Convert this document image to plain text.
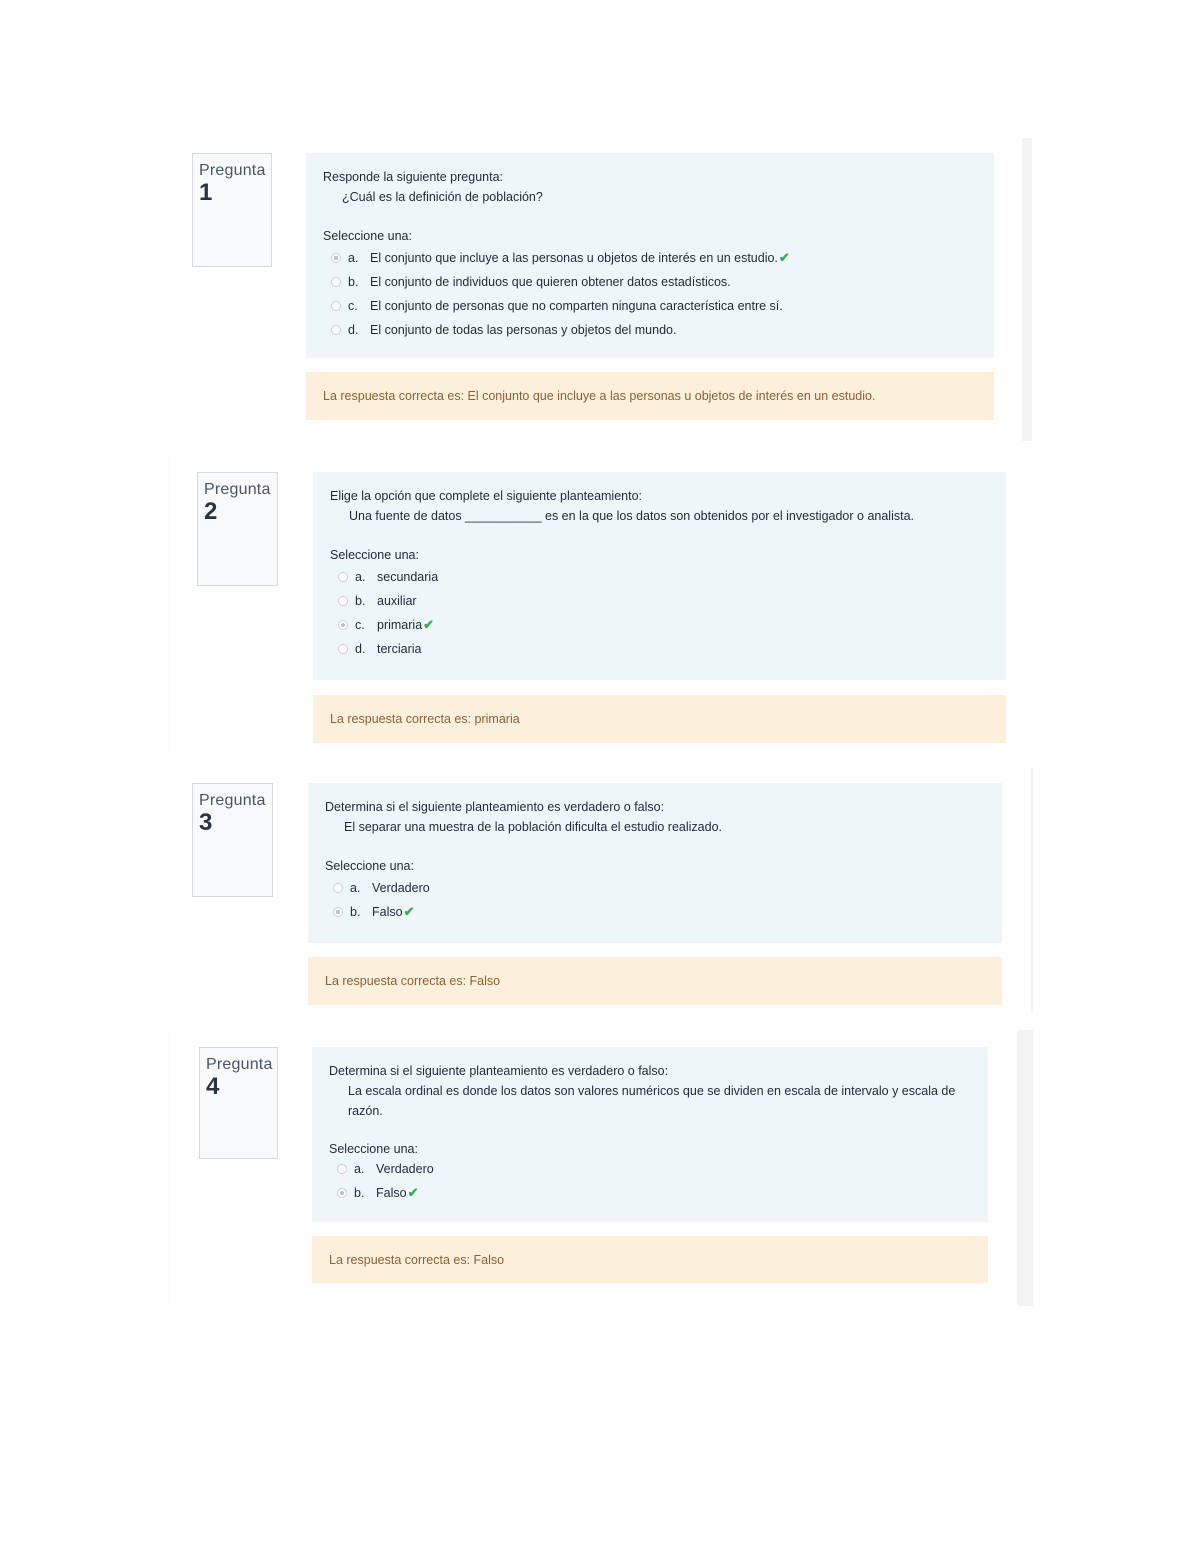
Pregunta
1
Responde la siguiente pregunta:
¿Cuál es la definición de población?
Seleccione una:
a. El conjunto que incluye a las personas u objetos de interés en un estudio.✔
b. El conjunto de individuos que quieren obtener datos estadísticos.
c. El conjunto de personas que no comparten ninguna característica entre sí.
d. El conjunto de todas las personas y objetos del mundo.
La respuesta correcta es: El conjunto que incluye a las personas u objetos de interés en un estudio.
Pregunta
2
Elige la opción que complete el siguiente planteamiento:
Una fuente de datos ___________ es en la que los datos son obtenidos por el investigador o analista.
Seleccione una:
a. secundaria
b. auxiliar
c. primaria✔
d. terciaria
La respuesta correcta es: primaria
Pregunta
3
Determina si el siguiente planteamiento es verdadero o falso:
El separar una muestra de la población dificulta el estudio realizado.
Seleccione una:
a. Verdadero
b. Falso✔
La respuesta correcta es: Falso
Pregunta
4
Determina si el siguiente planteamiento es verdadero o falso:
La escala ordinal es donde los datos son valores numéricos que se dividen en escala de intervalo y escala de razón.
Seleccione una:
a. Verdadero
b. Falso✔
La respuesta correcta es: Falso
